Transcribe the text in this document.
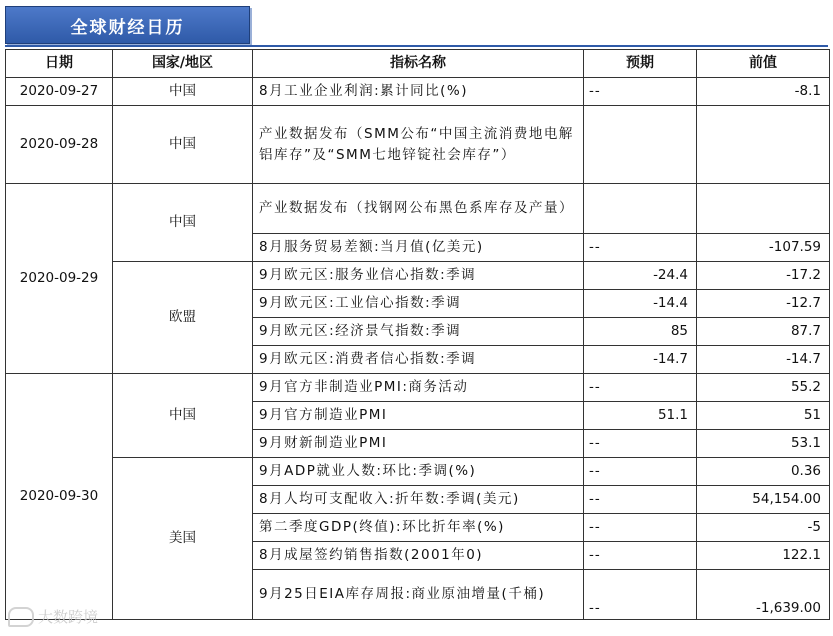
全球财经日历
日期	国家/地区	指标名称	预期	前值
2020-09-27	中国	8月工业企业利润:累计同比(%)	--	-8.1
2020-09-28	中国	产业数据发布（SMM公布“中国主流消费地电解铝库存”及“SMM七地锌锭社会库存”）		
2020-09-29	中国	产业数据发布（找钢网公布黑色系库存及产量）		
		8月服务贸易差额:当月值(亿美元)	--	-107.59
	欧盟	9月欧元区:服务业信心指数:季调	-24.4	-17.2
		9月欧元区:工业信心指数:季调	-14.4	-12.7
		9月欧元区:经济景气指数:季调	85	87.7
		9月欧元区:消费者信心指数:季调	-14.7	-14.7
2020-09-30	中国	9月官方非制造业PMI:商务活动	--	55.2
		9月官方制造业PMI	51.1	51
		9月财新制造业PMI	--	53.1
	美国	9月ADP就业人数:环比:季调(%)	--	0.36
		8月人均可支配收入:折年数:季调(美元)	--	54,154.00
		第二季度GDP(终值):环比折年率(%)	--	-5
		8月成屋签约销售指数(2001年0)	--	122.1
		9月25日EIA库存周报:商业原油增量(千桶)	--	-1,639.00
大数跨境
